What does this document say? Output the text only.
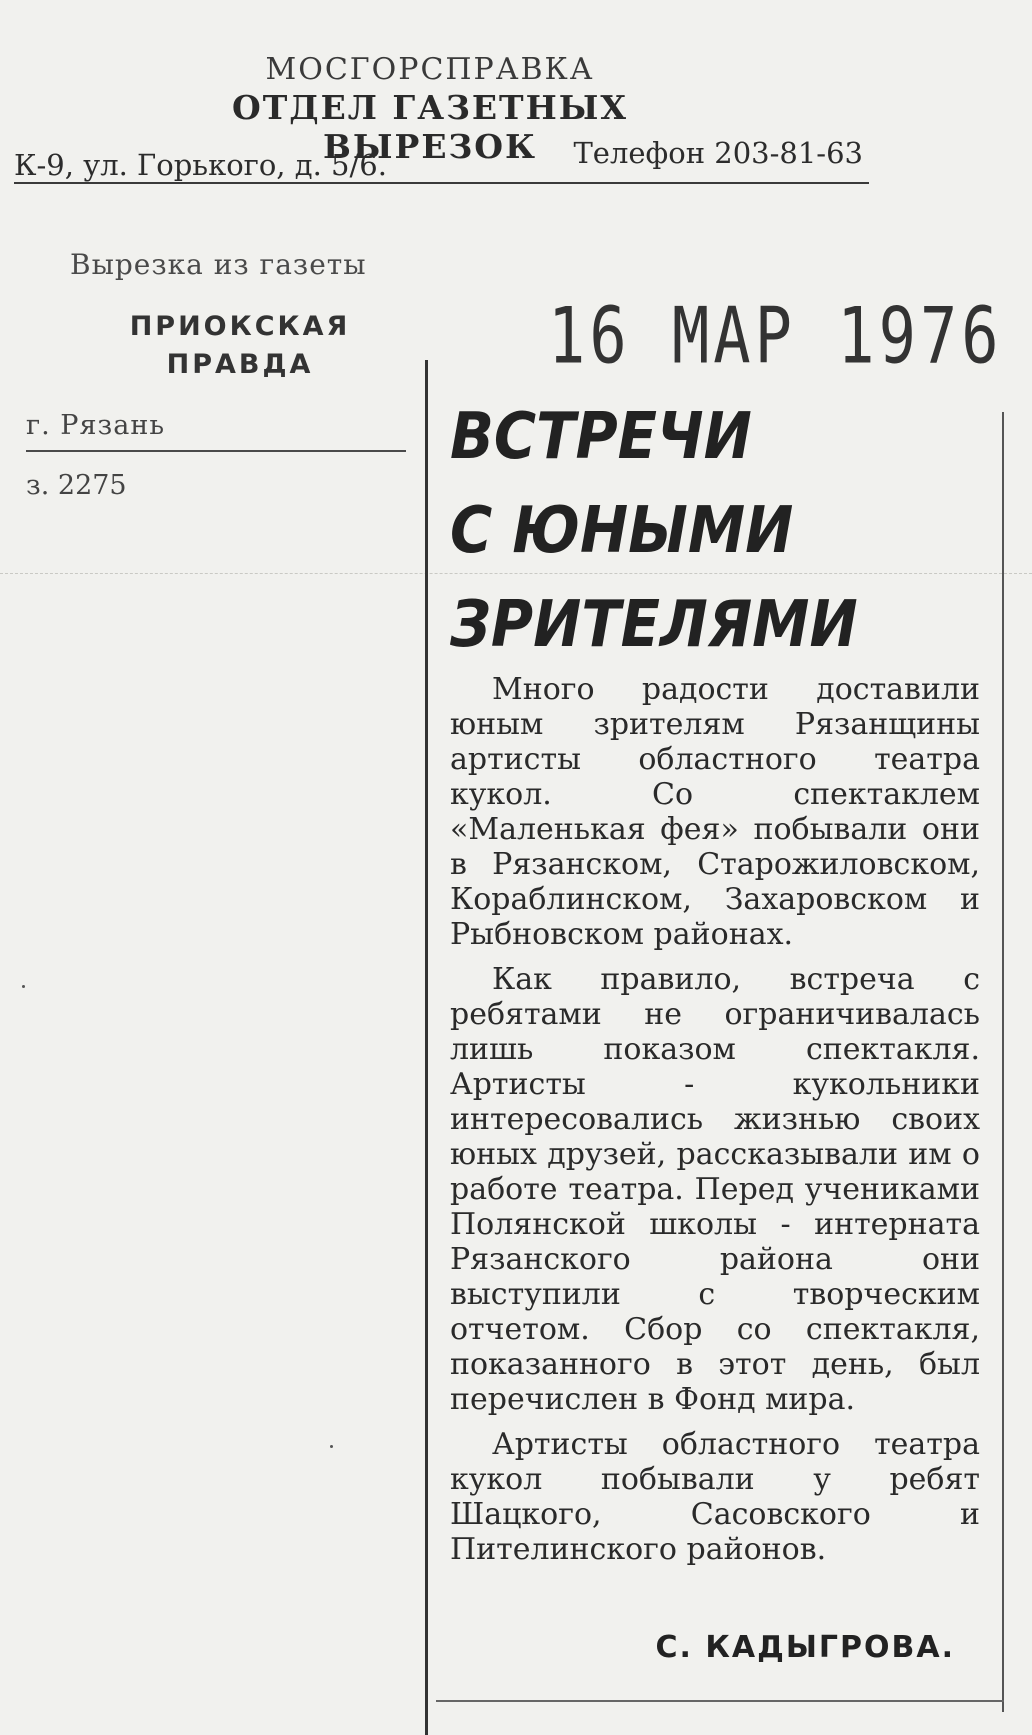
МОСГОРСПРАВКА
ОТДЕЛ ГАЗЕТНЫХ ВЫРЕЗОК
К-9, ул. Горького, д. 5/6.	Телефон 203-81-63
Вырезка из газеты
ПРИОКСКАЯ
ПРАВДА
г. Рязань
з. 2275
16 МАР 1976
ВСТРЕЧИ
С ЮНЫМИ
ЗРИТЕЛЯМИ

Много радости доставили юным зрителям Рязанщины артисты областного театра кукол. Со спектаклем «Маленькая фея» побывали они в Рязанском, Старожиловском, Кораблинском, Захаровском и Рыбновском районах.

Как правило, встреча с ребятами не ограничивалась лишь показом спектакля. Артисты - кукольники интересовались жизнью своих юных друзей, рассказывали им о работе театра. Перед учениками Полянской школы - интерната Рязанского района они выступили с творческим отчетом. Сбор со спектакля, показанного в этот день, был перечислен в Фонд мира.

Артисты областного театра кукол побывали у ребят Шацкого, Сасовского и Пителинского районов.

С. КАДЫГРОВА.
